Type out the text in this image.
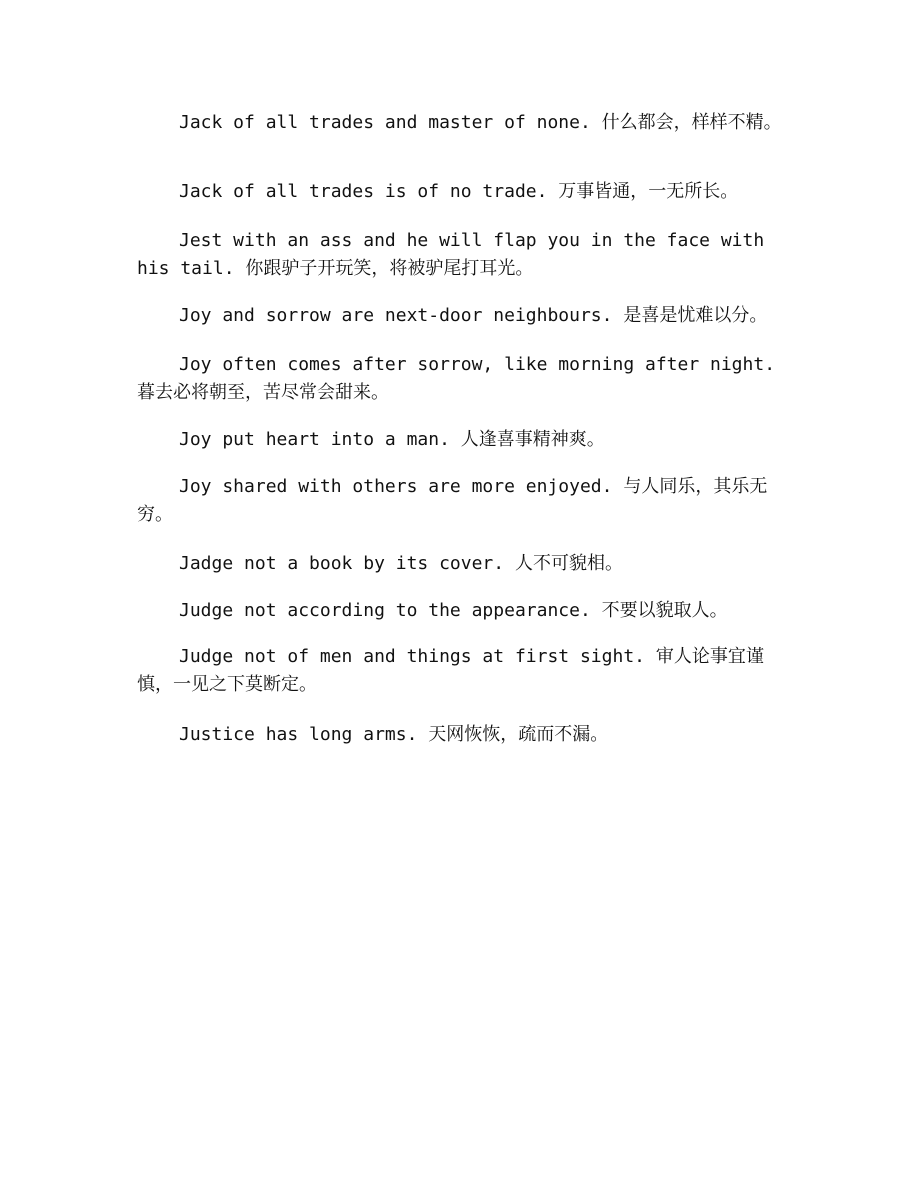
Jack of all trades and master of none. 什么都会，样样不精。

Jack of all trades is of no trade. 万事皆通，一无所长。

Jest with an ass and he will flap you in the face with his tail. 你跟驴子开玩笑，将被驴尾打耳光。

Joy and sorrow are next-door neighbours. 是喜是忧难以分。

Joy often comes after sorrow, like morning after night. 暮去必将朝至，苦尽常会甜来。

Joy put heart into a man. 人逢喜事精神爽。

Joy shared with others are more enjoyed. 与人同乐，其乐无穷。

Jadge not a book by its cover. 人不可貌相。

Judge not according to the appearance. 不要以貌取人。

Judge not of men and things at first sight. 审人论事宜谨慎，一见之下莫断定。

Justice has long arms. 天网恢恢，疏而不漏。
